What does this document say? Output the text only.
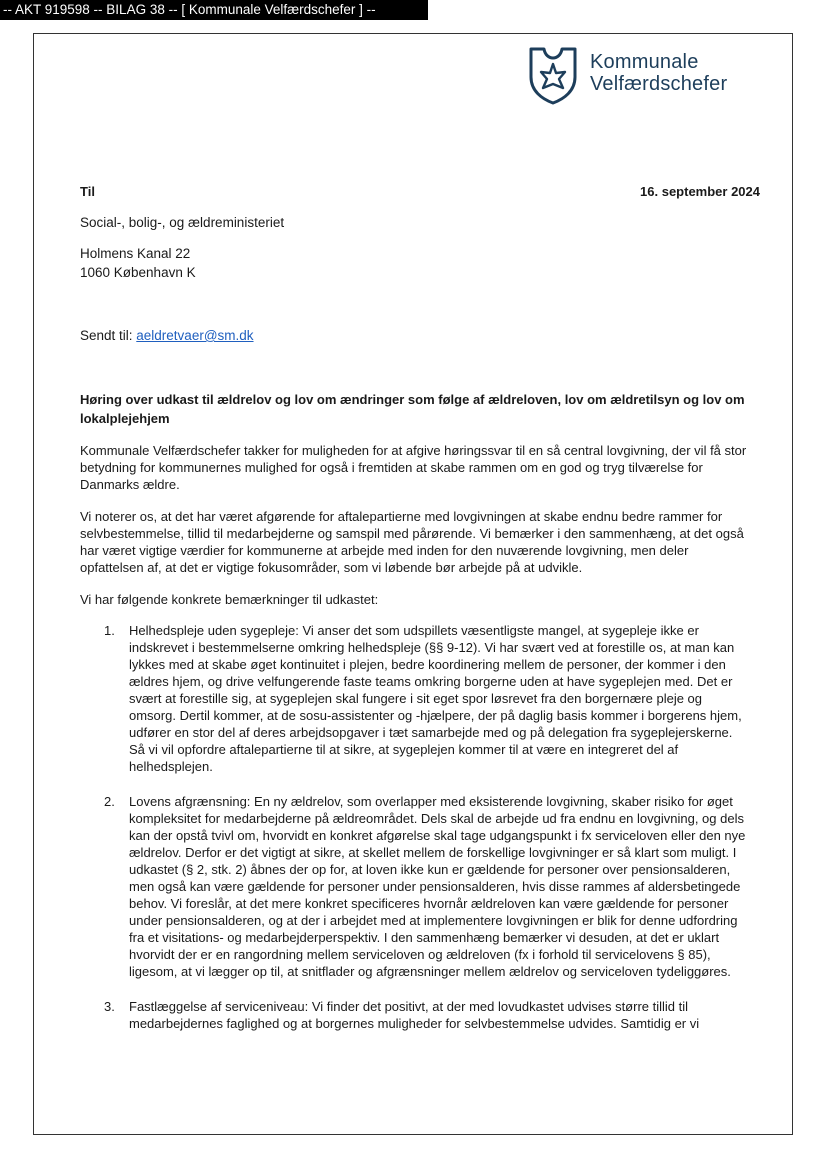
-- AKT 919598 -- BILAG 38 -- [ Kommunale Velfærdschefer ] --
Kommunale
Velfærdschefer
Til	16. september 2024
Social-, bolig-, og ældreministeriet
Holmens Kanal 22
1060 København K
Sendt til: aeldretvaer@sm.dk
Høring over udkast til ældrelov og lov om ændringer som følge af ældreloven, lov om ældretilsyn og lov om lokalplejehjem
Kommunale Velfærdschefer takker for muligheden for at afgive høringssvar til en så central lovgivning, der vil få stor betydning for kommunernes mulighed for også i fremtiden at skabe rammen om en god og tryg tilværelse for Danmarks ældre.
Vi noterer os, at det har været afgørende for aftalepartierne med lovgivningen at skabe endnu bedre rammer for selvbestemmelse, tillid til medarbejderne og samspil med pårørende. Vi bemærker i den sammenhæng, at det også har været vigtige værdier for kommunerne at arbejde med inden for den nuværende lovgivning, men deler opfattelsen af, at det er vigtige fokusområder, som vi løbende bør arbejde på at udvikle.
Vi har følgende konkrete bemærkninger til udkastet:
1. Helhedspleje uden sygepleje: Vi anser det som udspillets væsentligste mangel, at sygepleje ikke er indskrevet i bestemmelserne omkring helhedspleje (§§ 9-12). Vi har svært ved at forestille os, at man kan lykkes med at skabe øget kontinuitet i plejen, bedre koordinering mellem de personer, der kommer i den ældres hjem, og drive velfungerende faste teams omkring borgerne uden at have sygeplejen med. Det er svært at forestille sig, at sygeplejen skal fungere i sit eget spor løsrevet fra den borgernære pleje og omsorg. Dertil kommer, at de sosu-assistenter og -hjælpere, der på daglig basis kommer i borgerens hjem, udfører en stor del af deres arbejdsopgaver i tæt samarbejde med og på delegation fra sygeplejerskerne. Så vi vil opfordre aftalepartierne til at sikre, at sygeplejen kommer til at være en integreret del af helhedsplejen.
2. Lovens afgrænsning: En ny ældrelov, som overlapper med eksisterende lovgivning, skaber risiko for øget kompleksitet for medarbejderne på ældreområdet. Dels skal de arbejde ud fra endnu en lovgivning, og dels kan der opstå tvivl om, hvorvidt en konkret afgørelse skal tage udgangspunkt i fx serviceloven eller den nye ældrelov. Derfor er det vigtigt at sikre, at skellet mellem de forskellige lovgivninger er så klart som muligt. I udkastet (§ 2, stk. 2) åbnes der op for, at loven ikke kun er gældende for personer over pensionsalderen, men også kan være gældende for personer under pensionsalderen, hvis disse rammes af aldersbetingede behov. Vi foreslår, at det mere konkret specificeres hvornår ældreloven kan være gældende for personer under pensionsalderen, og at der i arbejdet med at implementere lovgivningen er blik for denne udfordring fra et visitations- og medarbejderperspektiv. I den sammenhæng bemærker vi desuden, at det er uklart hvorvidt der er en rangordning mellem serviceloven og ældreloven (fx i forhold til servicelovens § 85), ligesom, at vi lægger op til, at snitflader og afgrænsninger mellem ældrelov og serviceloven tydeliggøres.
3. Fastlæggelse af serviceniveau: Vi finder det positivt, at der med lovudkastet udvises større tillid til medarbejdernes faglighed og at borgernes muligheder for selvbestemmelse udvides. Samtidig er vi
